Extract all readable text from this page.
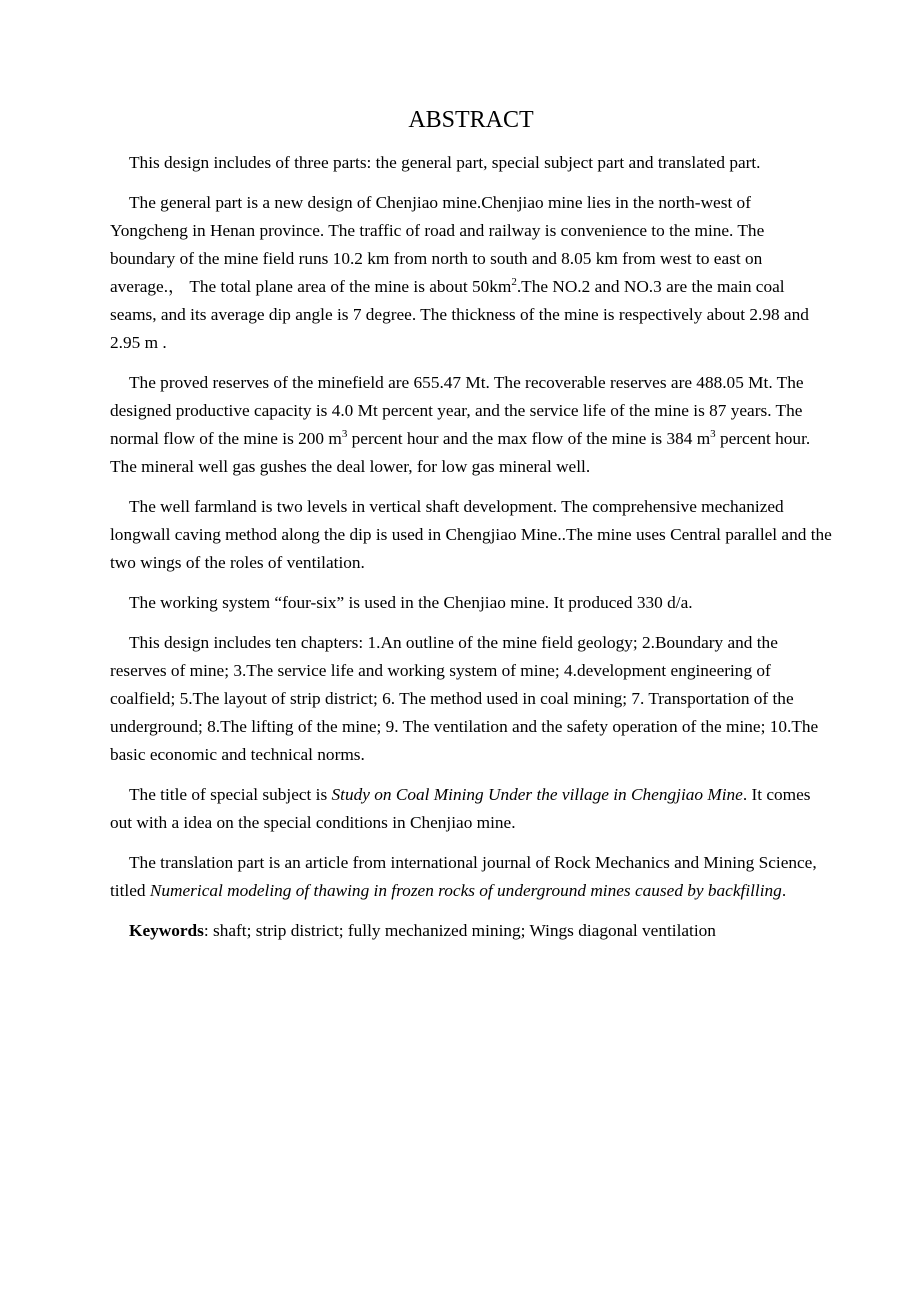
ABSTRACT

This design includes of three parts: the general part, special subject part and translated part.

The general part is a new design of Chenjiao mine.Chenjiao mine lies in the north-west of Yongcheng in Henan province. The traffic of road and railway is convenience to the mine. The boundary of the mine field runs 10.2 km from north to south and 8.05 km from west to east on average.， The total plane area of the mine is about $50km^2.The$ NO.2 and NO.3 are the main coal seams, and its average dip angle is 7 degree. The thickness of the mine is respectively about 2.98 and 2.95 m .

The proved reserves of the minefield are 655.47 Mt. The recoverable reserves are 488.05 Mt. The designed productive capacity is 4.0 Mt percent year, and the service life of the mine is 87 years. The normal flow of the mine is 200 $m^3$ percent hour and the max flow of the mine is 384 $m^3$ percent hour. The mineral well gas gushes the deal lower, for low gas mineral well.

The well farmland is two levels in vertical shaft development. The comprehensive mechanized longwall caving method along the dip is used in Chengjiao Mine..The mine uses Central parallel and the two wings of the roles of ventilation.

The working system “four-six” is used in the Chenjiao mine. It produced 330 d/a.

This design includes ten chapters: 1.An outline of the mine field geology; 2.Boundary and the reserves of mine; 3.The service life and working system of mine; 4.development engineering of coalfield; 5.The layout of strip district; 6. The method used in coal mining; 7. Transportation of the underground; 8.The lifting of the mine; 9. The ventilation and the safety operation of the mine; 10.The basic economic and technical norms.

The title of special subject is Study on Coal Mining Under the village in Chengjiao Mine. It comes out with a idea on the special conditions in Chenjiao mine.

The translation part is an article from international journal of Rock Mechanics and Mining Science, titled Numerical modeling of thawing in frozen rocks of underground mines caused by backfilling.

Keywords: shaft; strip district; fully mechanized mining; Wings diagonal ventilation
